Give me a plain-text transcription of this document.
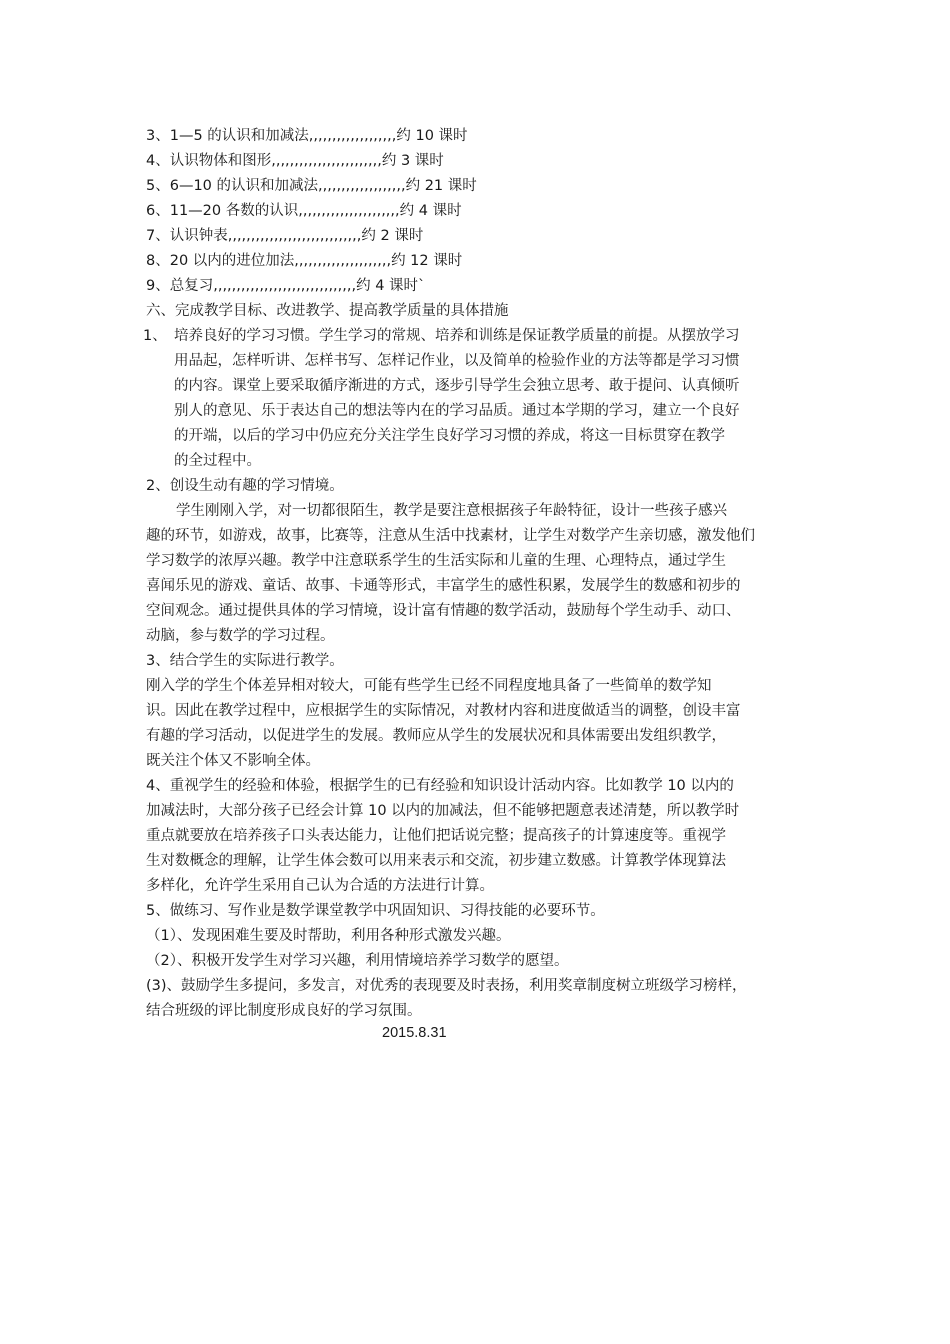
3、1—5 的认识和加减法,,,,,,,,,,,,,,,,,,,约 10 课时
4、认识物体和图形,,,,,,,,,,,,,,,,,,,,,,,,约 3 课时
5、6—10 的认识和加减法,,,,,,,,,,,,,,,,,,,约 21 课时
6、11—20 各数的认识,,,,,,,,,,,,,,,,,,,,,,约 4 课时
7、认识钟表,,,,,,,,,,,,,,,,,,,,,,,,,,,,,约 2 课时
8、20 以内的进位加法,,,,,,,,,,,,,,,,,,,,,约 12 课时
9、总复习,,,,,,,,,,,,,,,,,,,,,,,,,,,,,,,约 4 课时`
六、完成教学目标、改进教学、提高教学质量的具体措施
1、 培养良好的学习习惯。学生学习的常规、培养和训练是保证教学质量的前提。从摆放学习
用品起，怎样听讲、怎样书写、怎样记作业，以及简单的检验作业的方法等都是学习习惯
的内容。课堂上要采取循序渐进的方式，逐步引导学生会独立思考、敢于提问、认真倾听
别人的意见、乐于表达自己的想法等内在的学习品质。通过本学期的学习，建立一个良好
的开端，以后的学习中仍应充分关注学生良好学习习惯的养成，将这一目标贯穿在教学
的全过程中。
2、创设生动有趣的学习情境。
学生刚刚入学，对一切都很陌生，教学是要注意根据孩子年龄特征，设计一些孩子感兴
趣的环节，如游戏，故事，比赛等，注意从生活中找素材，让学生对数学产生亲切感，激发他们
学习数学的浓厚兴趣。教学中注意联系学生的生活实际和儿童的生理、心理特点，通过学生
喜闻乐见的游戏、童话、故事、卡通等形式，丰富学生的感性积累，发展学生的数感和初步的
空间观念。通过提供具体的学习情境，设计富有情趣的数学活动，鼓励每个学生动手、动口、
动脑，参与数学的学习过程。
3、结合学生的实际进行教学。
刚入学的学生个体差异相对较大，可能有些学生已经不同程度地具备了一些简单的数学知
识。因此在教学过程中，应根据学生的实际情况，对教材内容和进度做适当的调整，创设丰富
有趣的学习活动，以促进学生的发展。教师应从学生的发展状况和具体需要出发组织教学，
既关注个体又不影响全体。
4、重视学生的经验和体验，根据学生的已有经验和知识设计活动内容。比如教学 10 以内的
加减法时，大部分孩子已经会计算 10 以内的加减法，但不能够把题意表述清楚，所以教学时
重点就要放在培养孩子口头表达能力，让他们把话说完整；提高孩子的计算速度等。重视学
生对数概念的理解，让学生体会数可以用来表示和交流，初步建立数感。计算教学体现算法
多样化，允许学生采用自己认为合适的方法进行计算。
5、做练习、写作业是数学课堂教学中巩固知识、习得技能的必要环节。
（1）、发现困难生要及时帮助，利用各种形式激发兴趣。
（2）、积极开发学生对学习兴趣，利用情境培养学习数学的愿望。
(3)、鼓励学生多提问，多发言，对优秀的表现要及时表扬，利用奖章制度树立班级学习榜样，
结合班级的评比制度形成良好的学习氛围。
2015.8.31
